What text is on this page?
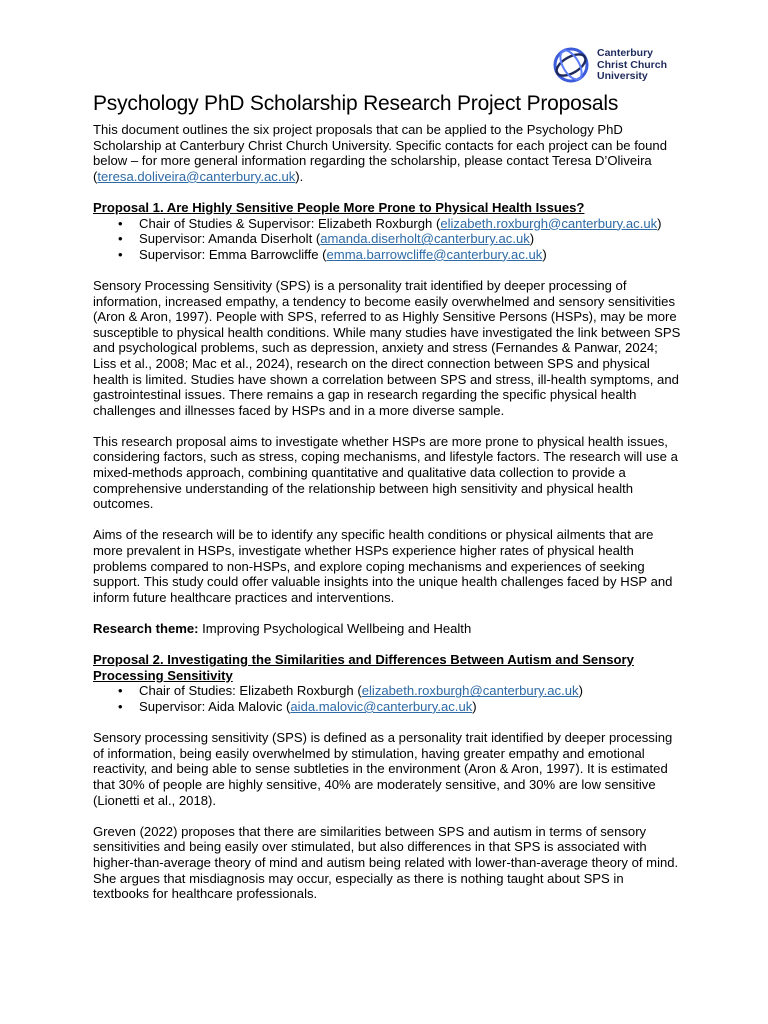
Canterbury
Christ Church
University
Psychology PhD Scholarship Research Project Proposals

This document outlines the six project proposals that can be applied to the Psychology PhD Scholarship at Canterbury Christ Church University. Specific contacts for each project can be found below – for more general information regarding the scholarship, please contact Teresa D’Oliveira (teresa.doliveira@canterbury.ac.uk).

Proposal 1. Are Highly Sensitive People More Prone to Physical Health Issues?

• Chair of Studies & Supervisor: Elizabeth Roxburgh (elizabeth.roxburgh@canterbury.ac.uk)
• Supervisor: Amanda Diserholt (amanda.diserholt@canterbury.ac.uk)
• Supervisor: Emma Barrowcliffe (emma.barrowcliffe@canterbury.ac.uk)

Sensory Processing Sensitivity (SPS) is a personality trait identified by deeper processing of information, increased empathy, a tendency to become easily overwhelmed and sensory sensitivities (Aron & Aron, 1997). People with SPS, referred to as Highly Sensitive Persons (HSPs), may be more susceptible to physical health conditions. While many studies have investigated the link between SPS and psychological problems, such as depression, anxiety and stress (Fernandes & Panwar, 2024; Liss et al., 2008; Mac et al., 2024), research on the direct connection between SPS and physical health is limited. Studies have shown a correlation between SPS and stress, ill-health symptoms, and gastrointestinal issues. There remains a gap in research regarding the specific physical health challenges and illnesses faced by HSPs and in a more diverse sample.

This research proposal aims to investigate whether HSPs are more prone to physical health issues, considering factors, such as stress, coping mechanisms, and lifestyle factors. The research will use a mixed-methods approach, combining quantitative and qualitative data collection to provide a comprehensive understanding of the relationship between high sensitivity and physical health outcomes.

Aims of the research will be to identify any specific health conditions or physical ailments that are more prevalent in HSPs, investigate whether HSPs experience higher rates of physical health problems compared to non-HSPs, and explore coping mechanisms and experiences of seeking support. This study could offer valuable insights into the unique health challenges faced by HSP and inform future healthcare practices and interventions.

Research theme: Improving Psychological Wellbeing and Health

Proposal 2. Investigating the Similarities and Differences Between Autism and Sensory Processing Sensitivity

• Chair of Studies: Elizabeth Roxburgh (elizabeth.roxburgh@canterbury.ac.uk)
• Supervisor: Aida Malovic (aida.malovic@canterbury.ac.uk)

Sensory processing sensitivity (SPS) is defined as a personality trait identified by deeper processing of information, being easily overwhelmed by stimulation, having greater empathy and emotional reactivity, and being able to sense subtleties in the environment (Aron & Aron, 1997). It is estimated that 30% of people are highly sensitive, 40% are moderately sensitive, and 30% are low sensitive (Lionetti et al., 2018).

Greven (2022) proposes that there are similarities between SPS and autism in terms of sensory sensitivities and being easily over stimulated, but also differences in that SPS is associated with higher-than-average theory of mind and autism being related with lower-than-average theory of mind. She argues that misdiagnosis may occur, especially as there is nothing taught about SPS in textbooks for healthcare professionals.
